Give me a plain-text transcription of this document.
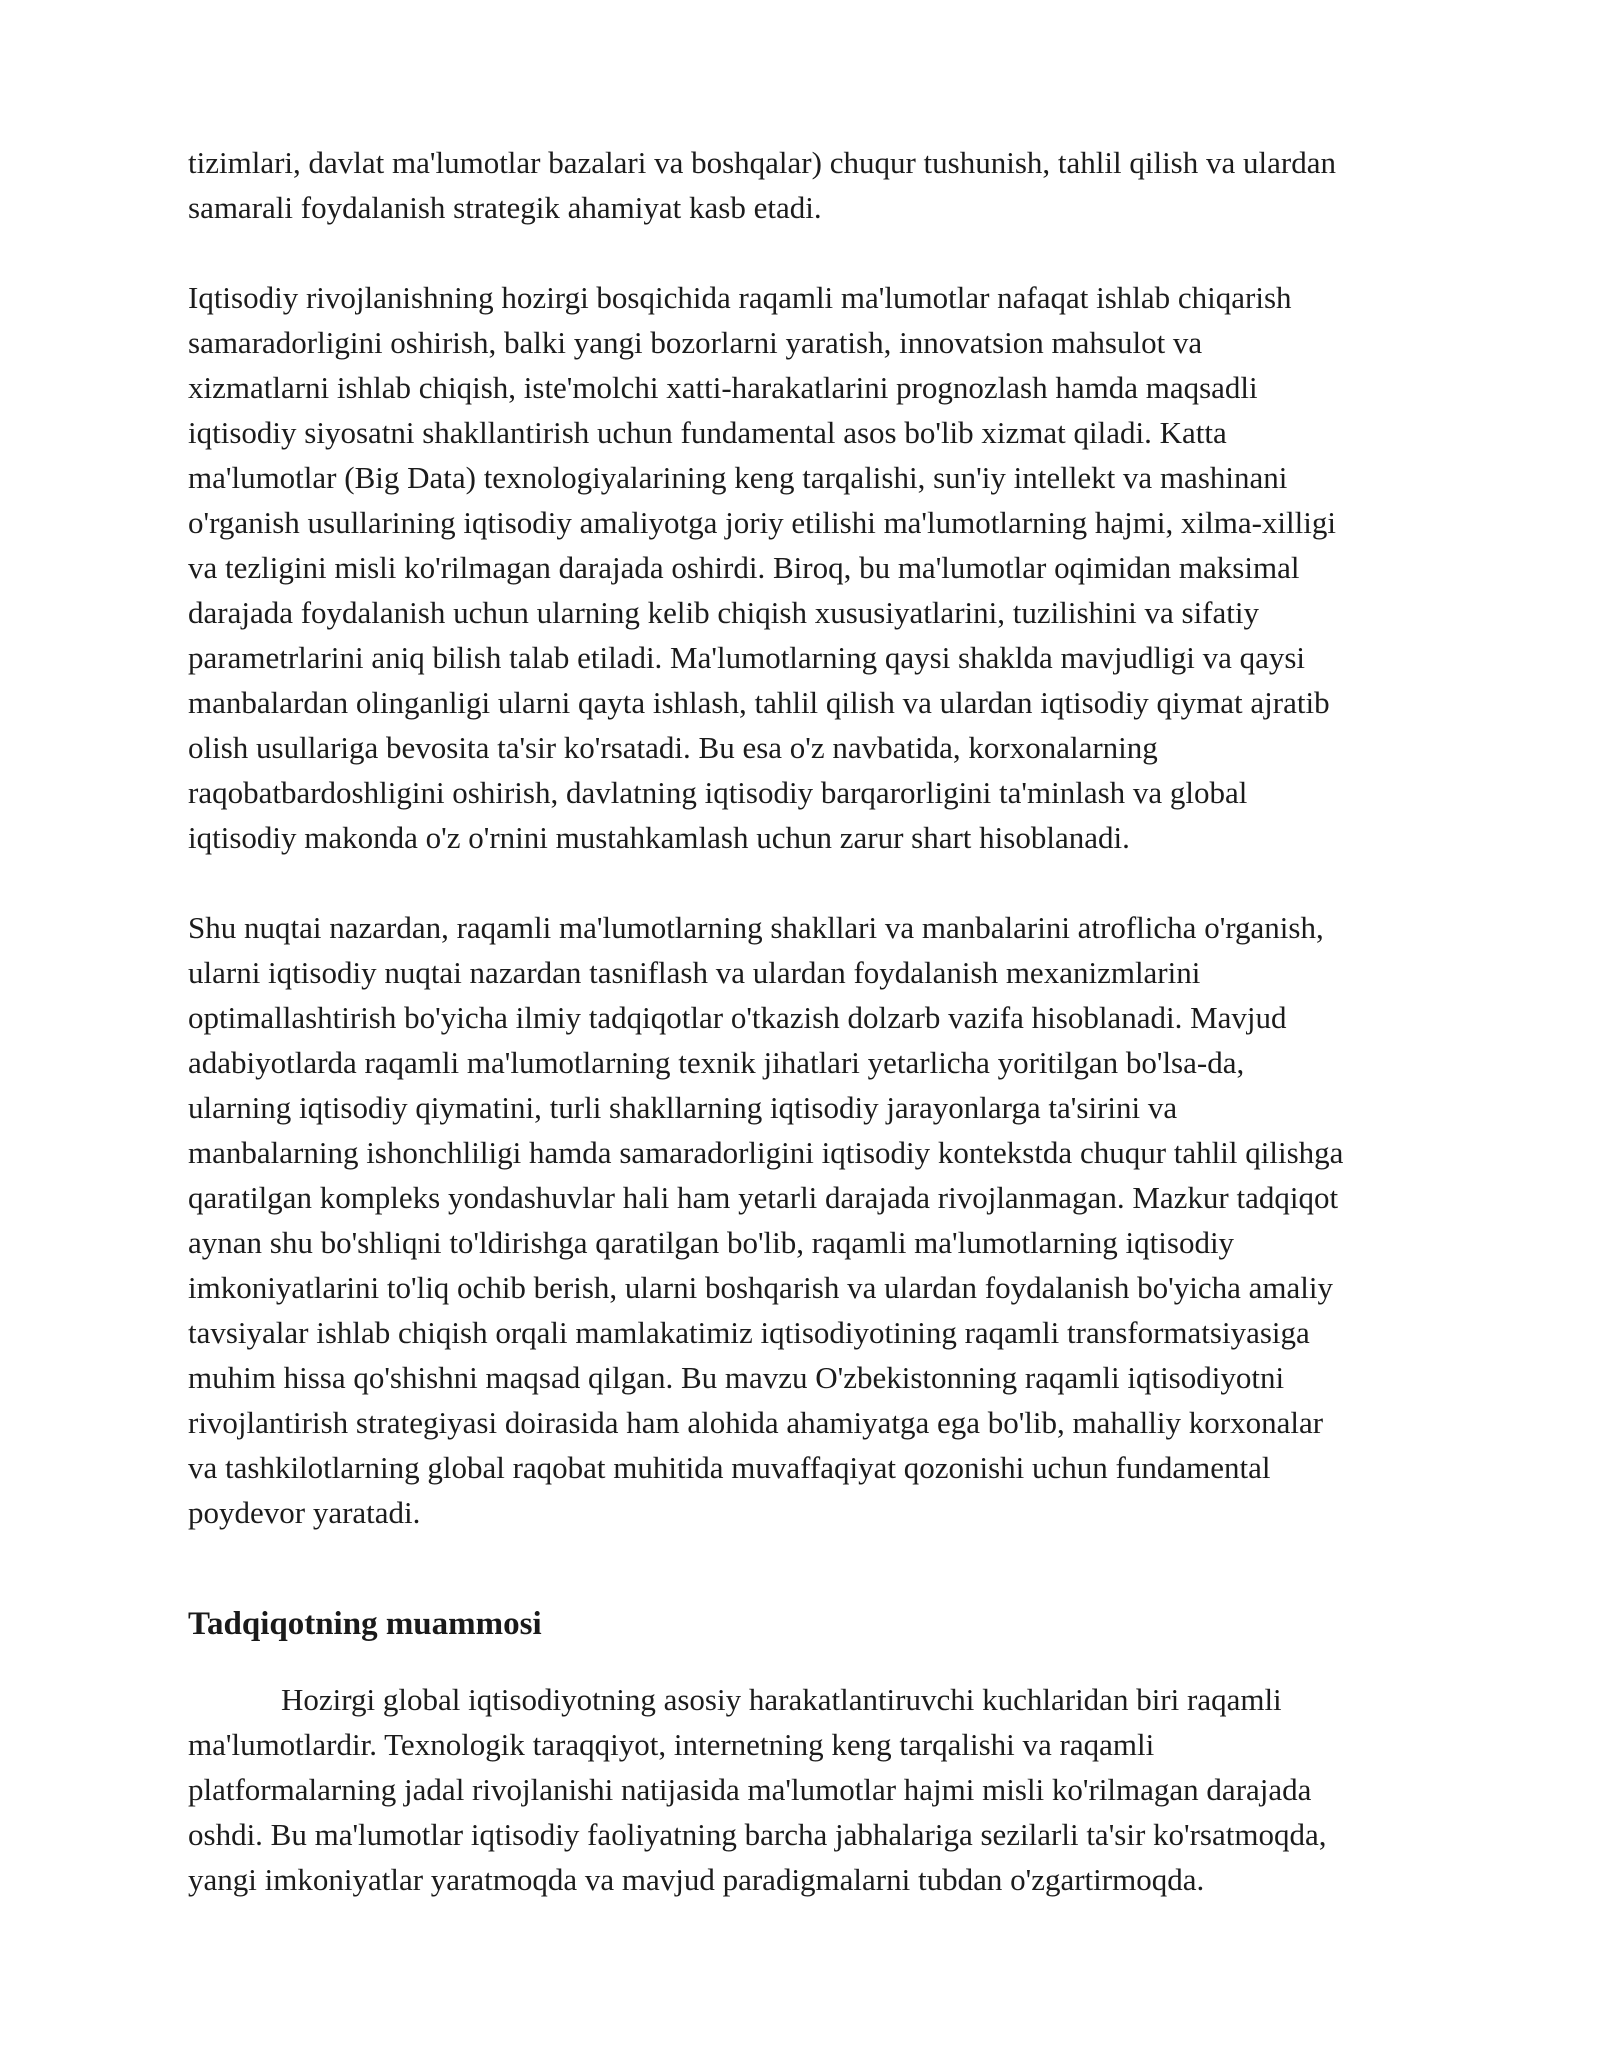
tizimlari, davlat ma'lumotlar bazalari va boshqalar) chuqur tushunish, tahlil qilish va ulardan
samarali foydalanish strategik ahamiyat kasb etadi.

Iqtisodiy rivojlanishning hozirgi bosqichida raqamli ma'lumotlar nafaqat ishlab chiqarish
samaradorligini oshirish, balki yangi bozorlarni yaratish, innovatsion mahsulot va
xizmatlarni ishlab chiqish, iste'molchi xatti-harakatlarini prognozlash hamda maqsadli
iqtisodiy siyosatni shakllantirish uchun fundamental asos bo'lib xizmat qiladi. Katta
ma'lumotlar (Big Data) texnologiyalarining keng tarqalishi, sun'iy intellekt va mashinani
o'rganish usullarining iqtisodiy amaliyotga joriy etilishi ma'lumotlarning hajmi, xilma-xilligi
va tezligini misli ko'rilmagan darajada oshirdi. Biroq, bu ma'lumotlar oqimidan maksimal
darajada foydalanish uchun ularning kelib chiqish xususiyatlarini, tuzilishini va sifatiy
parametrlarini aniq bilish talab etiladi. Ma'lumotlarning qaysi shaklda mavjudligi va qaysi
manbalardan olinganligi ularni qayta ishlash, tahlil qilish va ulardan iqtisodiy qiymat ajratib
olish usullariga bevosita ta'sir ko'rsatadi. Bu esa o'z navbatida, korxonalarning
raqobatbardoshligini oshirish, davlatning iqtisodiy barqarorligini ta'minlash va global
iqtisodiy makonda o'z o'rnini mustahkamlash uchun zarur shart hisoblanadi.

Shu nuqtai nazardan, raqamli ma'lumotlarning shakllari va manbalarini atroflicha o'rganish,
ularni iqtisodiy nuqtai nazardan tasniflash va ulardan foydalanish mexanizmlarini
optimallashtirish bo'yicha ilmiy tadqiqotlar o'tkazish dolzarb vazifa hisoblanadi. Mavjud
adabiyotlarda raqamli ma'lumotlarning texnik jihatlari yetarlicha yoritilgan bo'lsa-da,
ularning iqtisodiy qiymatini, turli shakllarning iqtisodiy jarayonlarga ta'sirini va
manbalarning ishonchliligi hamda samaradorligini iqtisodiy kontekstda chuqur tahlil qilishga
qaratilgan kompleks yondashuvlar hali ham yetarli darajada rivojlanmagan. Mazkur tadqiqot
aynan shu bo'shliqni to'ldirishga qaratilgan bo'lib, raqamli ma'lumotlarning iqtisodiy
imkoniyatlarini to'liq ochib berish, ularni boshqarish va ulardan foydalanish bo'yicha amaliy
tavsiyalar ishlab chiqish orqali mamlakatimiz iqtisodiyotining raqamli transformatsiyasiga
muhim hissa qo'shishni maqsad qilgan. Bu mavzu O'zbekistonning raqamli iqtisodiyotni
rivojlantirish strategiyasi doirasida ham alohida ahamiyatga ega bo'lib, mahalliy korxonalar
va tashkilotlarning global raqobat muhitida muvaffaqiyat qozonishi uchun fundamental
poydevor yaratadi.

Tadqiqotning muammosi

Hozirgi global iqtisodiyotning asosiy harakatlantiruvchi kuchlaridan biri raqamli
ma'lumotlardir. Texnologik taraqqiyot, internetning keng tarqalishi va raqamli
platformalarning jadal rivojlanishi natijasida ma'lumotlar hajmi misli ko'rilmagan darajada
oshdi. Bu ma'lumotlar iqtisodiy faoliyatning barcha jabhalariga sezilarli ta'sir ko'rsatmoqda,
yangi imkoniyatlar yaratmoqda va mavjud paradigmalarni tubdan o'zgartirmoqda.
